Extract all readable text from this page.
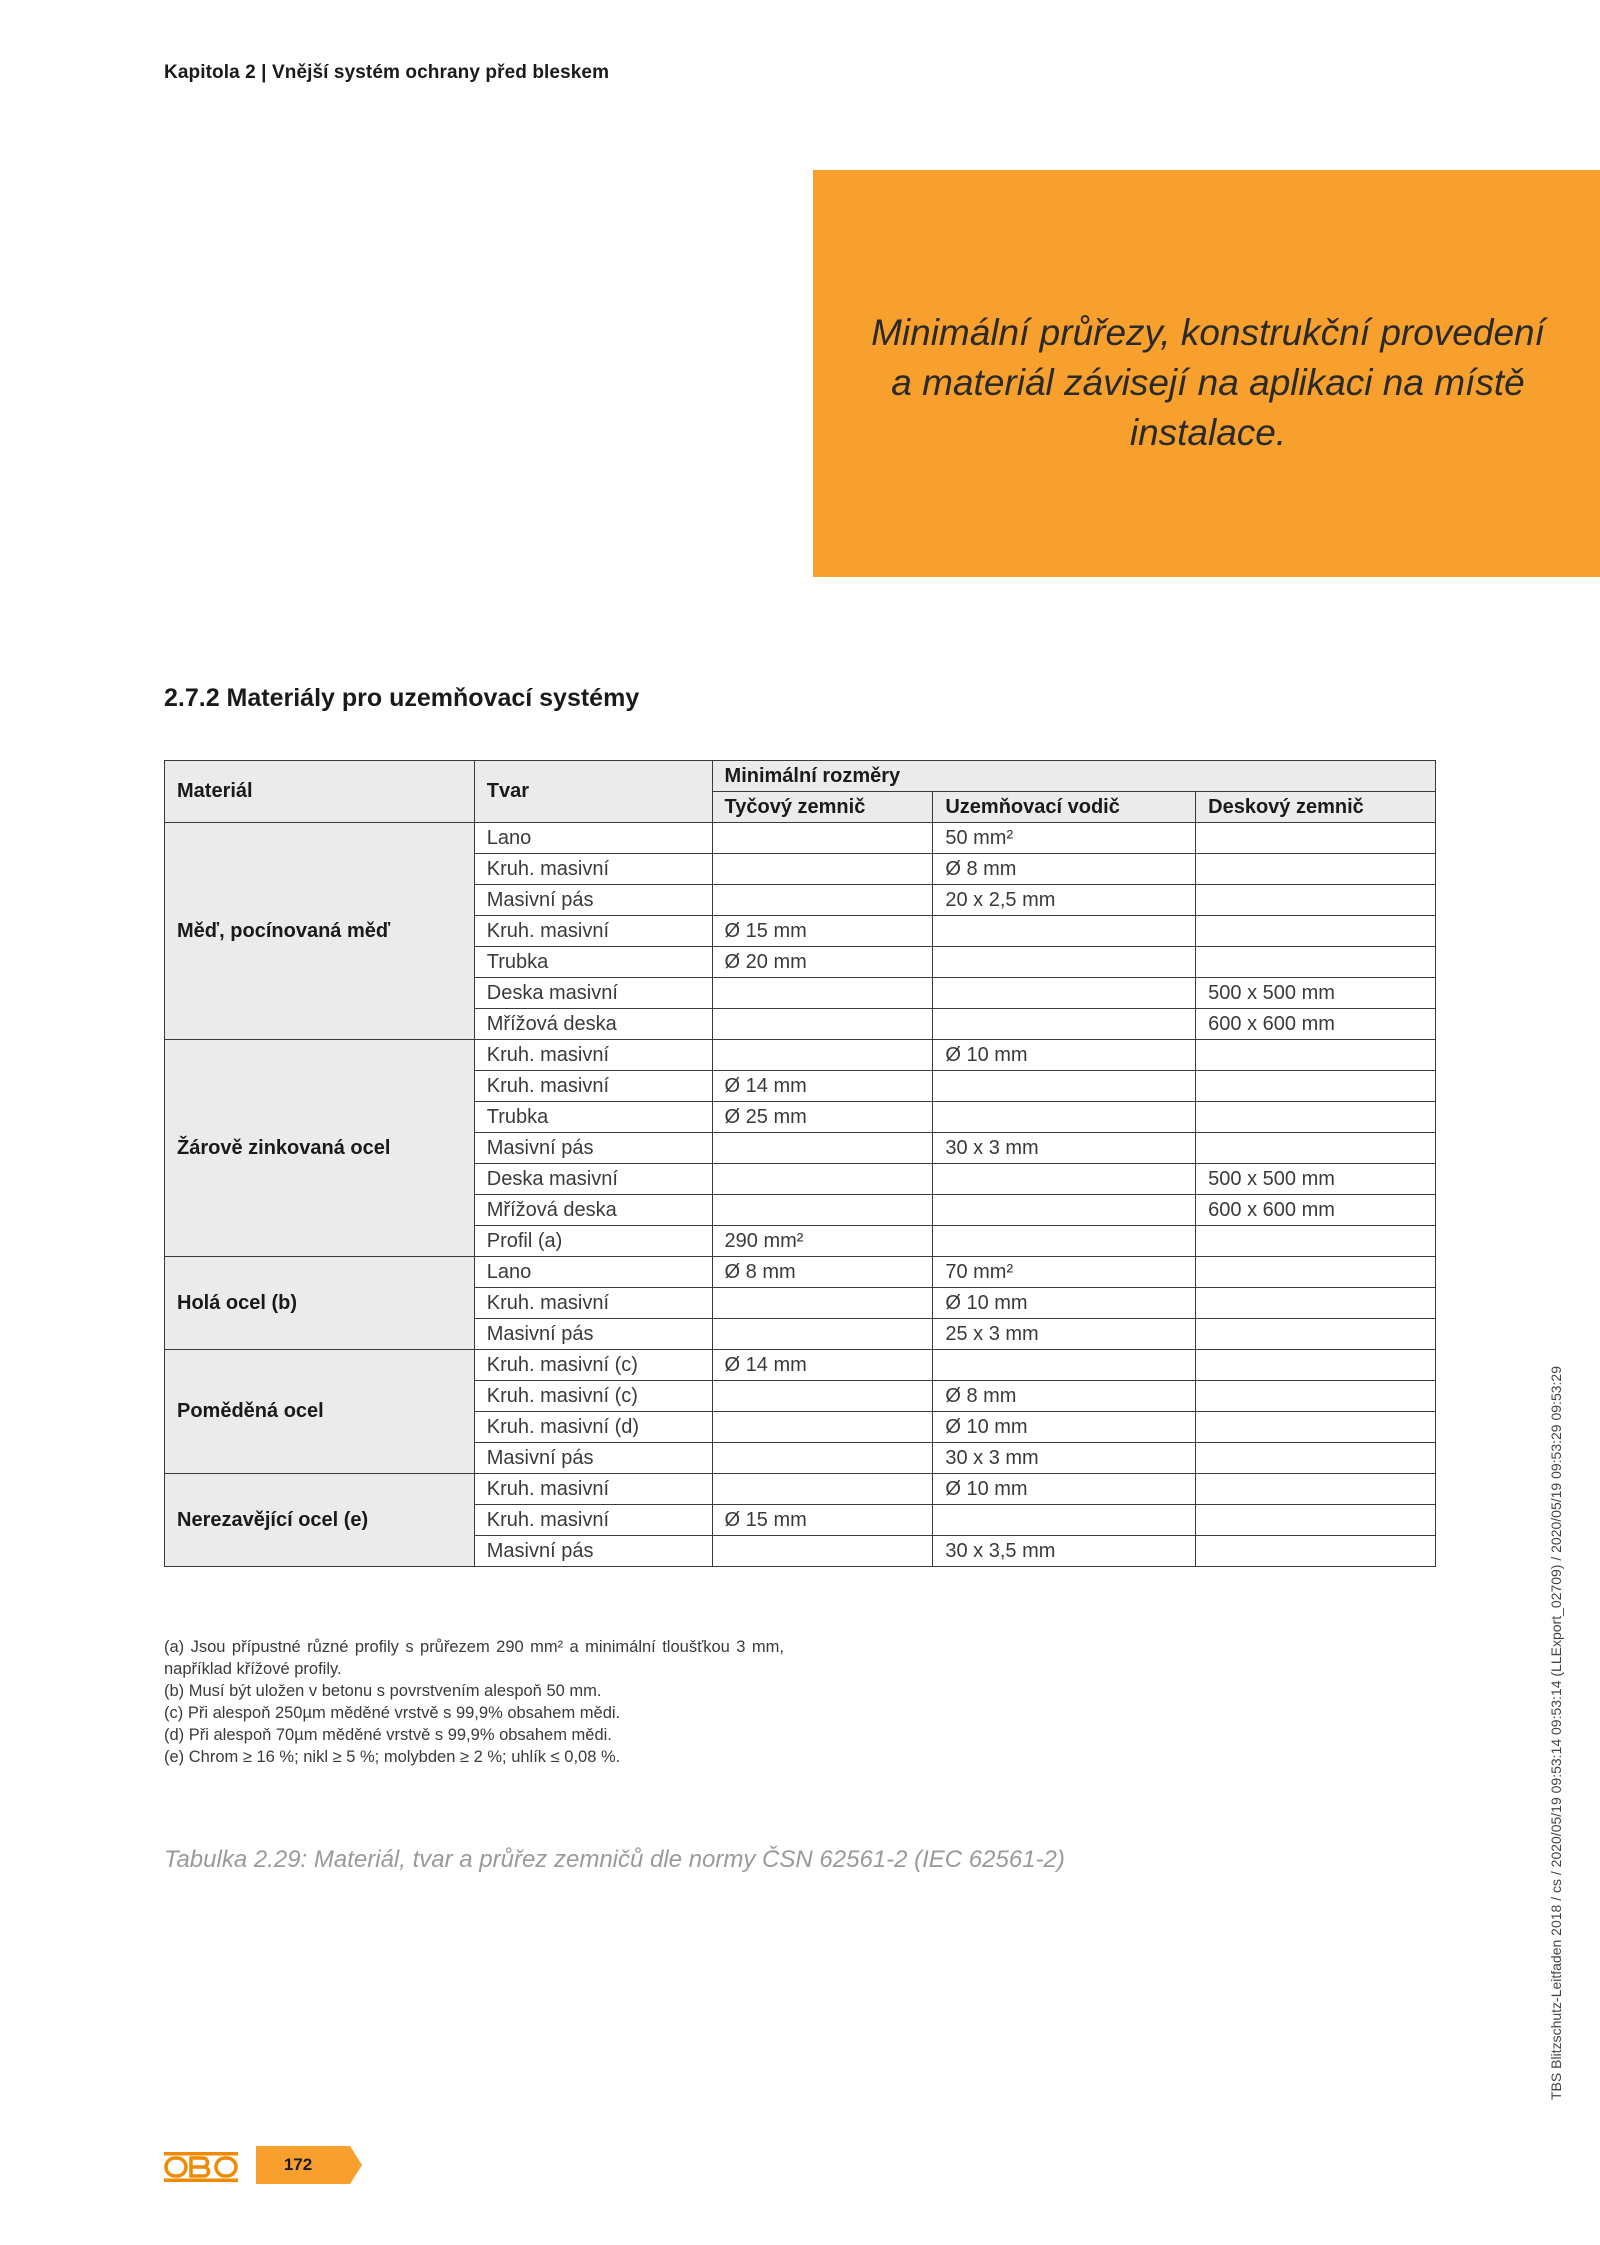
Kapitola 2 | Vnější systém ochrany před bleskem
Minimální průřezy, konstrukční provedení a materiál závisejí na aplikaci na místě instalace.
2.7.2 Materiály pro uzemňovací systémy
Materiál	Tvar	Minimální rozměry		
		Tyčový zemnič	Uzemňovací vodič	Deskový zemnič
Měď, pocínovaná měď	Lano		50 mm²	
	Kruh. masivní		Ø 8 mm	
	Masivní pás		20 x 2,5 mm	
	Kruh. masivní	Ø 15 mm		
	Trubka	Ø 20 mm		
	Deska masivní			500 x 500 mm
	Mřížová deska			600 x 600 mm
Žárově zinkovaná ocel	Kruh. masivní		Ø 10 mm	
	Kruh. masivní	Ø 14 mm		
	Trubka	Ø 25 mm		
	Masivní pás		30 x 3 mm	
	Deska masivní			500 x 500 mm
	Mřížová deska			600 x 600 mm
	Profil (a)	290 mm²		
Holá ocel (b)	Lano	Ø 8 mm	70 mm²	
	Kruh. masivní		Ø 10 mm	
	Masivní pás		25 x 3 mm	
Poměděná ocel	Kruh. masivní (c)	Ø 14 mm		
	Kruh. masivní (c)		Ø 8 mm	
	Kruh. masivní (d)		Ø 10 mm	
	Masivní pás		30 x 3 mm	
Nerezavějící ocel (e)	Kruh. masivní		Ø 10 mm	
	Kruh. masivní	Ø 15 mm		
	Masivní pás		30 x 3,5 mm	

(a) Jsou přípustné různé profily s průřezem 290 mm² a minimální tloušťkou 3 mm, například křížové profily.

(b) Musí být uložen v betonu s povrstvením alespoň 50 mm.

(c) Při alespoň 250µm měděné vrstvě s 99,9% obsahem mědi.

(d) Při alespoň 70µm měděné vrstvě s 99,9% obsahem mědi.

(e) Chrom ≥ 16 %; nikl ≥ 5 %; molybden ≥ 2 %; uhlík ≤ 0,08 %.

Tabulka 2.29: Materiál, tvar a průřez zemničů dle normy ČSN 62561-2 (IEC 62561-2)	TBS Blitzschutz-Leitfaden 2018 / cs / 2020/05/19 09:53:14 09:53:14 (LLExport_02709) / 2020/05/19 09:53:29 09:53:29
172
